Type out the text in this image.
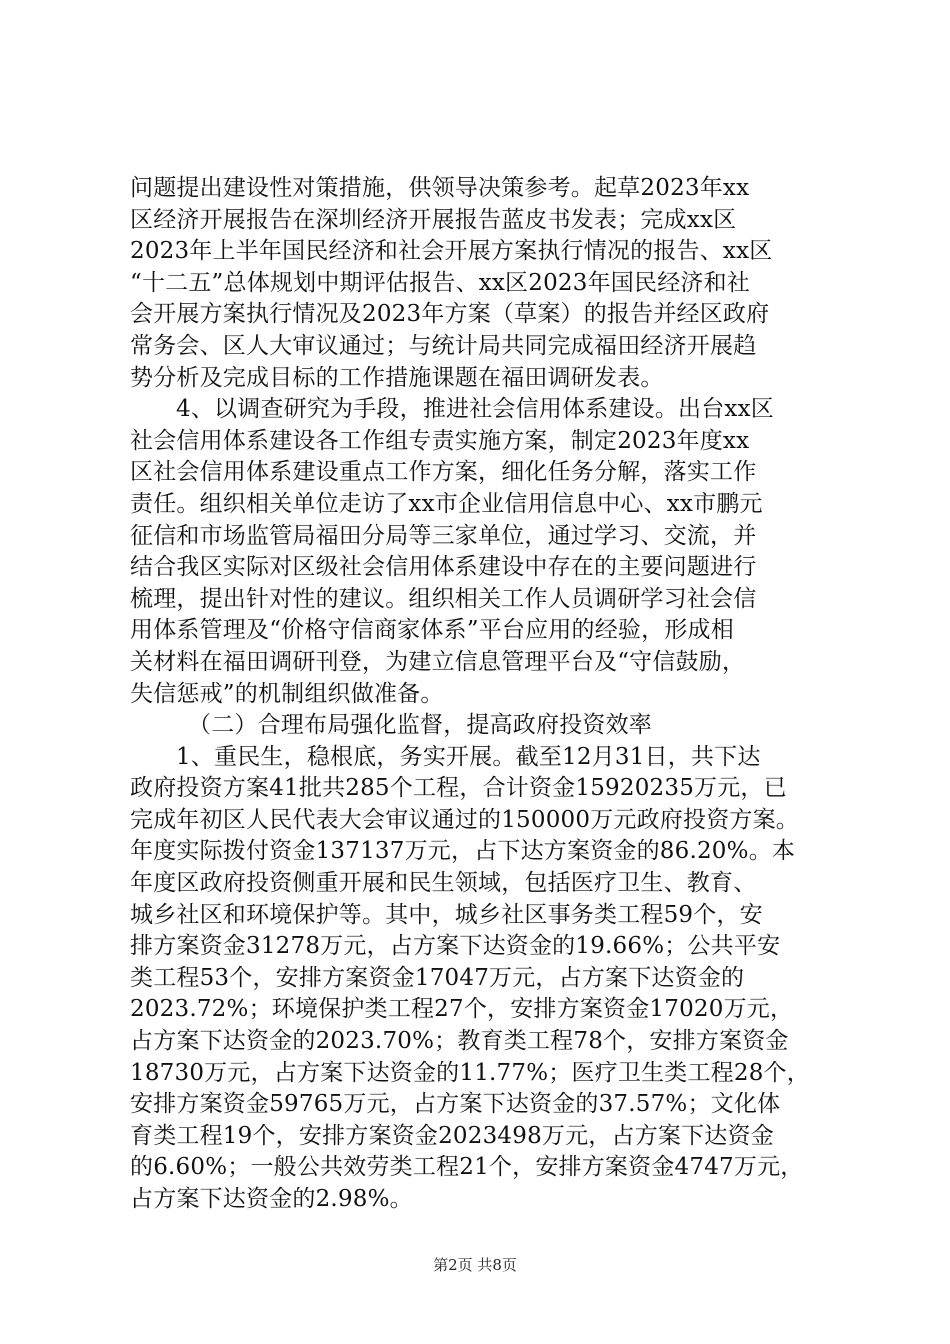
问题提出建设性对策措施，供领导决策参考。起草2023年xx
区经济开展报告在深圳经济开展报告蓝皮书发表；完成xx区
2023年上半年国民经济和社会开展方案执行情况的报告、xx区
“十二五”总体规划中期评估报告、xx区2023年国民经济和社
会开展方案执行情况及2023年方案（草案）的报告并经区政府
常务会、区人大审议通过；与统计局共同完成福田经济开展趋
势分析及完成目标的工作措施课题在福田调研发表。
4、以调查研究为手段，推进社会信用体系建设。出台xx区
社会信用体系建设各工作组专责实施方案，制定2023年度xx
区社会信用体系建设重点工作方案，细化任务分解，落实工作
责任。组织相关单位走访了xx市企业信用信息中心、xx市鹏元
征信和市场监管局福田分局等三家单位，通过学习、交流，并
结合我区实际对区级社会信用体系建设中存在的主要问题进行
梳理，提出针对性的建议。组织相关工作人员调研学习社会信
用体系管理及“价格守信商家体系”平台应用的经验，形成相
关材料在福田调研刊登，为建立信息管理平台及“守信鼓励，
失信惩戒”的机制组织做准备。
（二）合理布局强化监督，提高政府投资效率
1、重民生，稳根底，务实开展。截至12月31日，共下达
政府投资方案41批共285个工程，合计资金15920235万元，已
完成年初区人民代表大会审议通过的150000万元政府投资方案。
年度实际拨付资金137137万元，占下达方案资金的86.20%。本
年度区政府投资侧重开展和民生领域，包括医疗卫生、教育、
城乡社区和环境保护等。其中，城乡社区事务类工程59个，安
排方案资金31278万元，占方案下达资金的19.66%；公共平安
类工程53个，安排方案资金17047万元，占方案下达资金的
2023.72%；环境保护类工程27个，安排方案资金17020万元，
占方案下达资金的2023.70%；教育类工程78个，安排方案资金
18730万元，占方案下达资金的11.77%；医疗卫生类工程28个，
安排方案资金59765万元，占方案下达资金的37.57%；文化体
育类工程19个，安排方案资金2023498万元，占方案下达资金
的6.60%；一般公共效劳类工程21个，安排方案资金4747万元，
占方案下达资金的2.98%。
第2页 共8页
